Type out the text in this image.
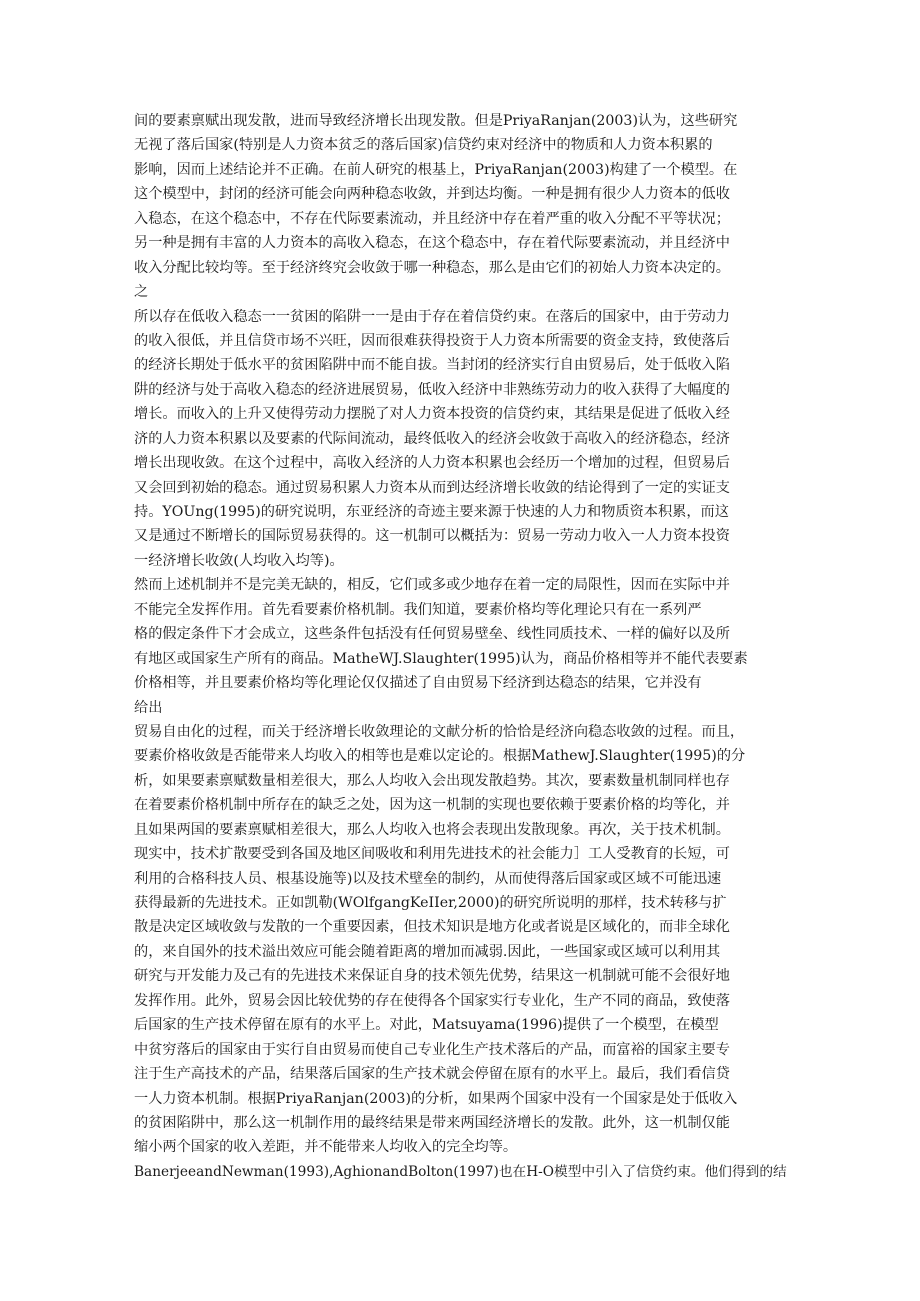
间的要素禀赋出现发散，进而导致经济增长出现发散。但是PriyaRanjan(2003)认为，这些研究
无视了落后国家(特别是人力资本贫乏的落后国家)信贷约束对经济中的物质和人力资本积累的
影响，因而上述结论并不正确。在前人研究的根基上，PriyaRanjan(2003)构建了一个模型。在
这个模型中，封闭的经济可能会向两种稳态收敛，并到达均衡。一种是拥有很少人力资本的低收
入稳态，在这个稳态中，不存在代际要素流动，并且经济中存在着严重的收入分配不平等状况；
另一种是拥有丰富的人力资本的高收入稳态，在这个稳态中，存在着代际要素流动，并且经济中
收入分配比较均等。至于经济终究会收敛于哪一种稳态，那么是由它们的初始人力资本决定的。
之
所以存在低收入稳态一一贫困的陷阱一一是由于存在着信贷约束。在落后的国家中，由于劳动力
的收入很低，并且信贷市场不兴旺，因而很难获得投资于人力资本所需要的资金支持，致使落后
的经济长期处于低水平的贫困陷阱中而不能自拔。当封闭的经济实行自由贸易后，处于低收入陷
阱的经济与处于高收入稳态的经济进展贸易，低收入经济中非熟练劳动力的收入获得了大幅度的
增长。而收入的上升又使得劳动力摆脱了对人力资本投资的信贷约束，其结果是促进了低收入经
济的人力资本积累以及要素的代际间流动，最终低收入的经济会收敛于高收入的经济稳态，经济
增长出现收敛。在这个过程中，高收入经济的人力资本积累也会经历一个增加的过程，但贸易后
又会回到初始的稳态。通过贸易积累人力资本从而到达经济增长收敛的结论得到了一定的实证支
持。YOUng(1995)的研究说明，东亚经济的奇迹主要来源于快速的人力和物质资本积累，而这
又是通过不断增长的国际贸易获得的。这一机制可以概括为：贸易一劳动力收入一人力资本投资
一经济增长收敛(人均收入均等)。
然而上述机制并不是完美无缺的，相反，它们或多或少地存在着一定的局限性，因而在实际中并
不能完全发挥作用。首先看要素价格机制。我们知道，要素价格均等化理论只有在一系列严
格的假定条件下才会成立，这些条件包括没有任何贸易壁垒、线性同质技术、一样的偏好以及所
有地区或国家生产所有的商品。MatheWJ.Slaughter(1995)认为，商品价格相等并不能代表要素
价格相等，并且要素价格均等化理论仅仅描述了自由贸易下经济到达稳态的结果，它并没有
给出
贸易自由化的过程，而关于经济增长收敛理论的文献分析的恰恰是经济向稳态收敛的过程。而且，
要素价格收敛是否能带来人均收入的相等也是难以定论的。根据MathewJ.Slaughter(1995)的分
析，如果要素禀赋数量相差很大，那么人均收入会出现发散趋势。其次，要素数量机制同样也存
在着要素价格机制中所存在的缺乏之处，因为这一机制的实现也要依赖于要素价格的均等化，并
且如果两国的要素禀赋相差很大，那么人均收入也将会表现出发散现象。再次，关于技术机制。
现实中，技术扩散要受到各国及地区间吸收和利用先进技术的社会能力］工人受教育的长短，可
利用的合格科技人员、根基设施等)以及技术壁垒的制约，从而使得落后国家或区域不可能迅速
获得最新的先进技术。正如凯勒(WOlfgangKeIIer,2000)的研究所说明的那样，技术转移与扩
散是决定区域收敛与发散的一个重要因素，但技术知识是地方化或者说是区域化的，而非全球化
的，来自国外的技术溢出效应可能会随着距离的增加而减弱.因此，一些国家或区域可以利用其
研究与开发能力及己有的先进技术来保证自身的技术领先优势，结果这一机制就可能不会很好地
发挥作用。此外，贸易会因比较优势的存在使得各个国家实行专业化，生产不同的商品，致使落
后国家的生产技术停留在原有的水平上。对此，Matsuyama(1996)提供了一个模型，在模型
中贫穷落后的国家由于实行自由贸易而使自己专业化生产技术落后的产品，而富裕的国家主要专
注于生产高技术的产品，结果落后国家的生产技术就会停留在原有的水平上。最后，我们看信贷
一人力资本机制。根据PriyaRanjan(2003)的分析，如果两个国家中没有一个国家是处于低收入
的贫困陷阱中，那么这一机制作用的最终结果是带来两国经济增长的发散。此外，这一机制仅能
缩小两个国家的收入差距，并不能带来人均收入的完全均等。
BanerjeeandNewman(1993),AghionandBolton(1997)也在H-O模型中引入了信贷约束。他们得到的结
